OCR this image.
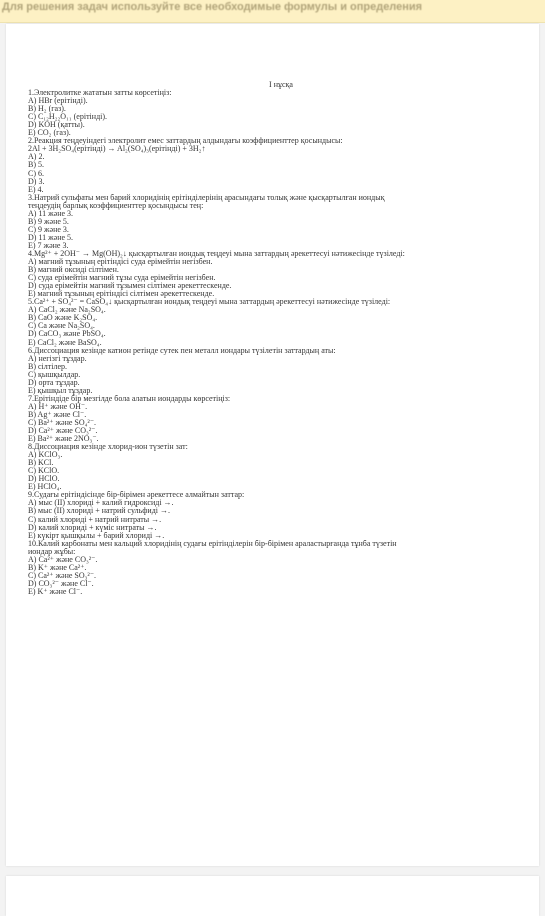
Для решения задач используйте все необходимые формулы и определения
I нұсқа
1.Электролитке жататын затты көрсетіңіз:
A) HBr (ерітінді).
B) H₂ (газ).
C) C₁₂H₂₂O₁₁ (ерітінді).
D) KOH (қатты).
E) CO₂ (газ).
2.Реакция теңдеуіндегі электролит емес заттардың алдындағы коэффициенттер қосындысы:
2Al + 3H₂SO₄(ерітінді) → Al₂(SO₄)₃(ерітінді) + 3H₂↑
A) 2.
B) 5.
C) 6.
D) 3.
E) 4.
3.Натрий сульфаты мен барий хлоридінің ерітінділерінің арасындағы толық және қысқартылған иондық
теңдеудің барлық коэффициенттер қосындысы тең:
A) 11 және 3.
B) 9 және 5.
C) 9 және 3.
D) 11 және 5.
E) 7 және 3.
4.Mg²⁺ + 2OH⁻ → Mg(OH)₂↓ қысқартылған иондық теңдеуі мына заттардың әрекеттесуі нәтижесінде түзіледі:
A) магний тұзының ерітіндісі суда ерімейтін негізбен.
B) магний оксиді сілтімен.
C) суда ерімейтін магний тұзы суда ерімейтін негізбен.
D) суда ерімейтін магний тұзымен сілтімен әрекеттескенде.
E) магний тұзының ерітіндісі сілтімен әрекеттескенде.
5.Ca²⁺ + SO₄²⁻ = CaSO₄↓ қысқартылған иондық теңдеуі мына заттардың әрекеттесуі нәтижесінде түзіледі:
A) CaCl₂ және Na₂SO₄.
B) CaO және K₂SO₄.
C) Ca және Na₂SO₄.
D) CaCO₃ және PbSO₄.
E) CaCl₂ және BaSO₄.
6.Диссоциация кезінде катион ретінде сутек пен металл иондары түзілетін заттардың аты:
A) негізгі тұздар.
B) сілтілер.
C) қышқылдар.
D) орта тұздар.
E) қышқыл тұздар.
7.Ерітіндіде бір мезгілде бола алатын иондарды көрсетіңіз:
A) H⁺ және OH⁻.
B) Ag⁺ және Cl⁻.
C) Ba²⁺ және SO₄²⁻.
D) Ca²⁺ және CO₃²⁻.
E) Ba²⁺ және 2NO₃⁻.
8.Диссоциация кезінде хлорид-ион түзетін зат:
A) KClO₃.
B) KCl.
C) KClO.
D) HClO.
E) HClO₄.
9.Судағы ерітіндісінде бір-бірімен әрекеттесе алмайтын заттар:
A) мыс (II) хлориді + калий гидроксиді →.
B) мыс (II) хлориді + натрий сульфиді →.
C) калий хлориді + натрий нитраты →.
D) калий хлориді + күміс нитраты →.
E) күкірт қышқылы + барий хлориді →.
10.Калий карбонаты мен кальций хлоридінің судағы ерітінділерін бір-бірімен араластырғанда тұнба түзетін
иондар жұбы:
A) Ca²⁺ және CO₃²⁻.
B) K⁺ және Ca²⁺.
C) Ca²⁺ және SO₃²⁻.
D) CO₃²⁻ және Cl⁻.
E) K⁺ және Cl⁻.
